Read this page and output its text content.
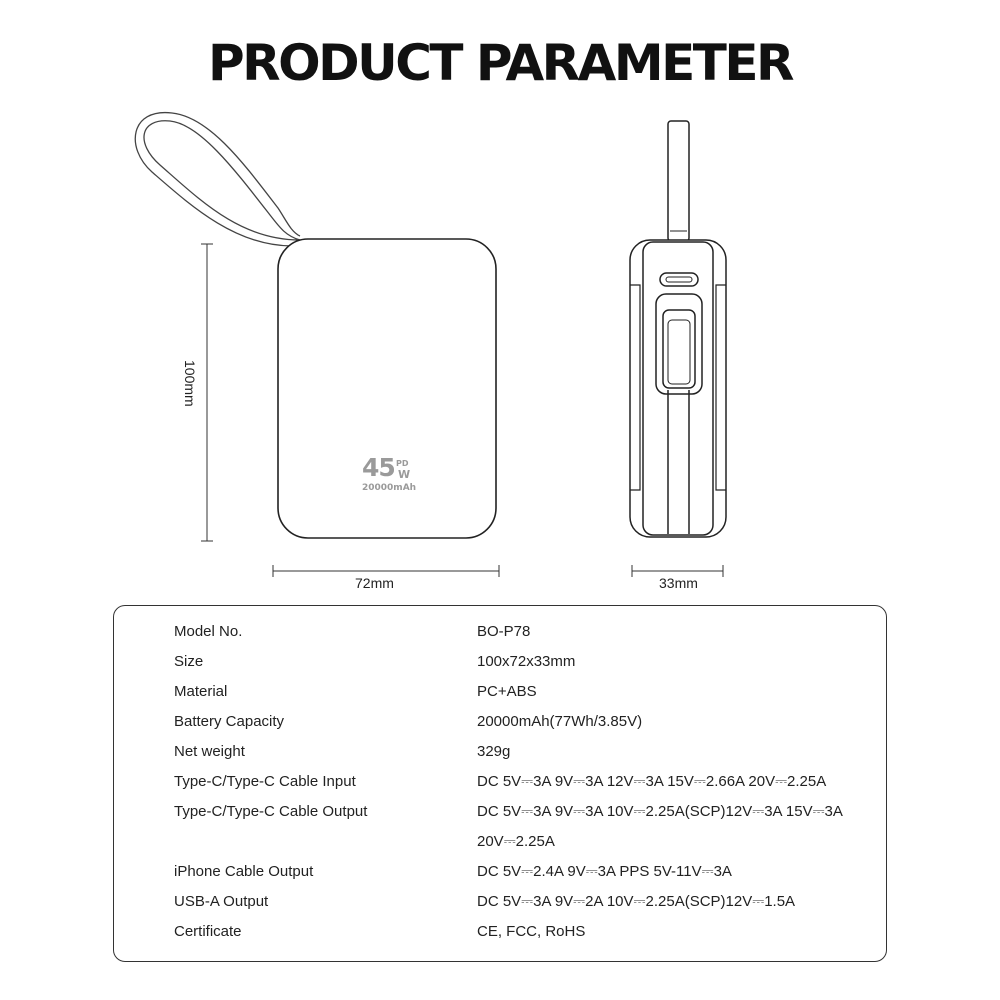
PRODUCT PARAMETER
45 PD
W
20000mAh
100mm
72mm	33mm
Model No.	BO-P78
Size	100x72x33mm
Material	PC+ABS
Battery Capacity	20000mAh(77Wh/3.85V)
Net weight	329g
Type-C/Type-C Cable Input	DC 5V⎓3A 9V⎓3A 12V⎓3A 15V⎓2.66A 20V⎓2.25A
Type-C/Type-C Cable Output	DC 5V⎓3A 9V⎓3A 10V⎓2.25A(SCP)12V⎓3A 15V⎓3A
20V⎓2.25A
iPhone Cable Output	DC 5V⎓2.4A 9V⎓3A PPS 5V-11V⎓3A
USB-A Output	DC 5V⎓3A 9V⎓2A 10V⎓2.25A(SCP)12V⎓1.5A
Certificate	CE, FCC, RoHS
